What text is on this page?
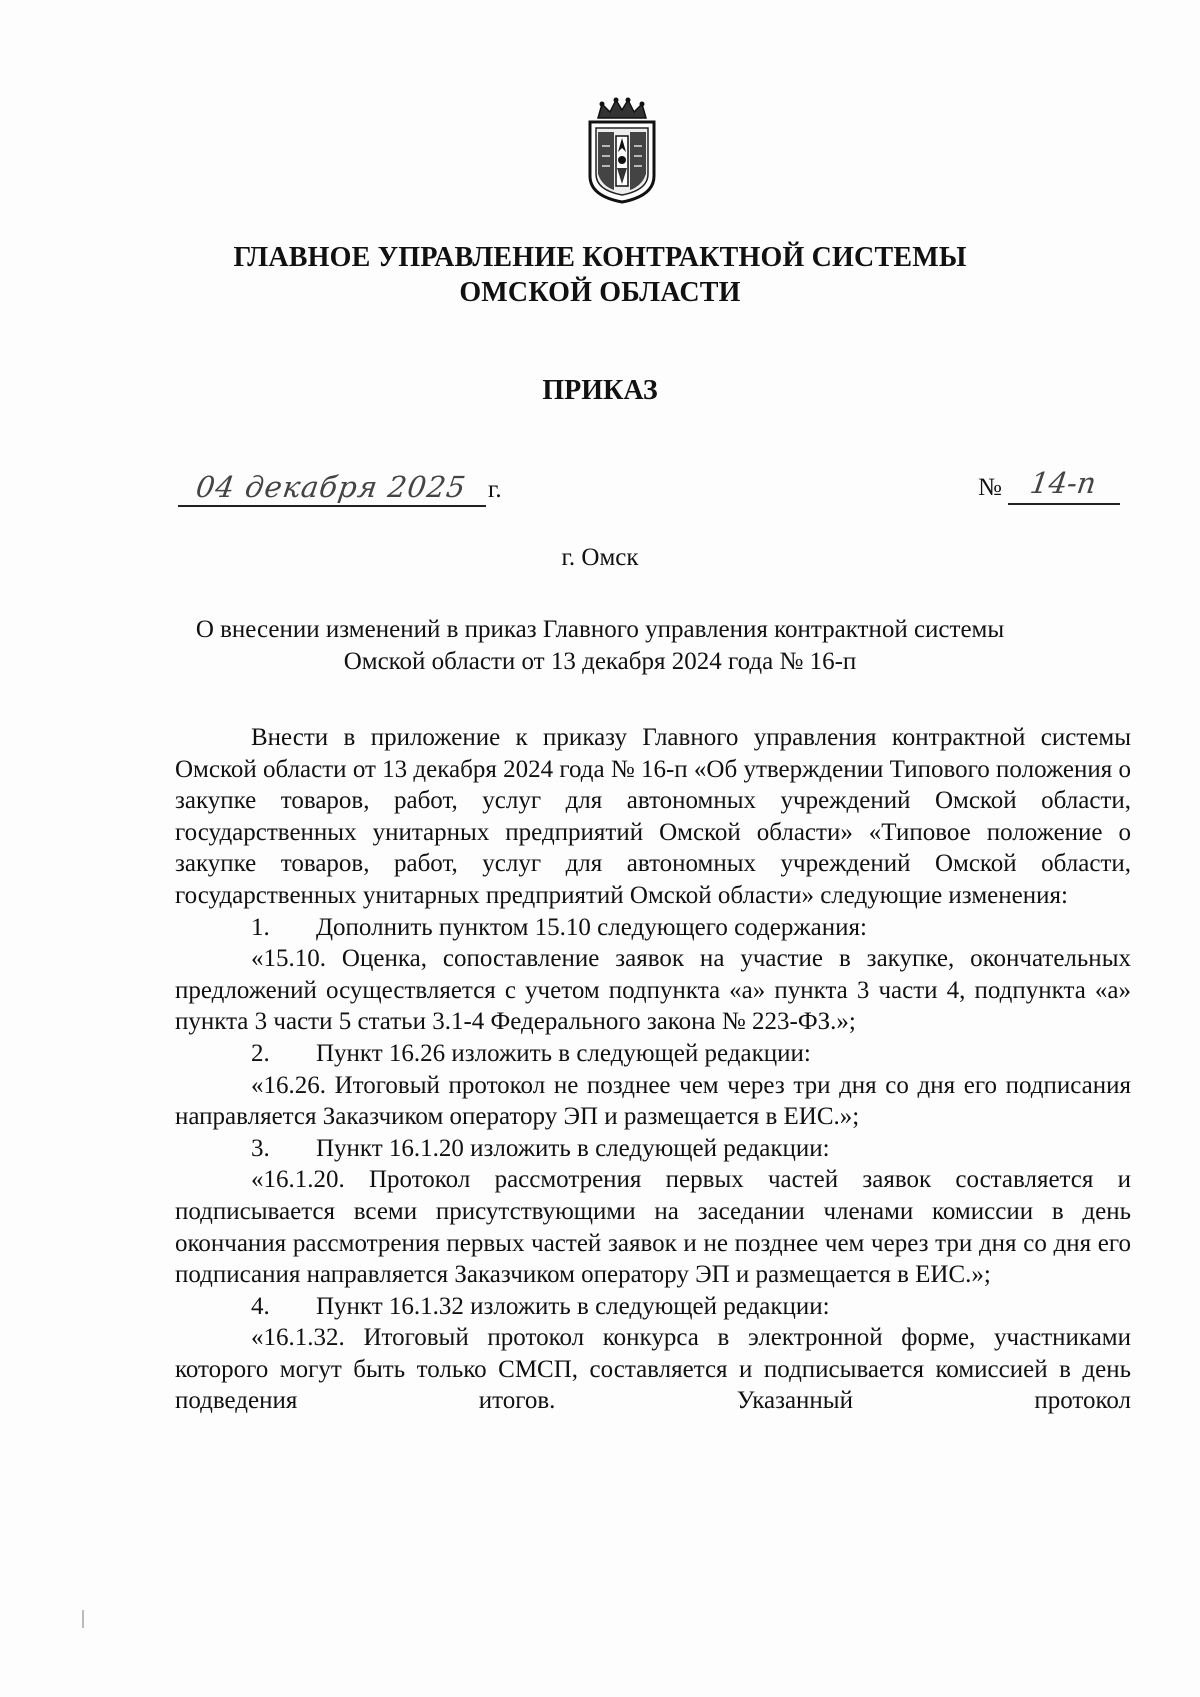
ГЛАВНОЕ УПРАВЛЕНИЕ КОНТРАКТНОЙ СИСТЕМЫ
ОМСКОЙ ОБЛАСТИ
ПРИКАЗ
04 декабря 2025 г.	№ 14-п
г. Омск
О внесении изменений в приказ Главного управления контрактной системы
Омской области от 13 декабря 2024 года № 16-п

Внести в приложение к приказу Главного управления контрактной системы Омской области от 13 декабря 2024 года № 16-п «Об утверждении Типового положения о закупке товаров, работ, услуг для автономных учреждений Омской области, государственных унитарных предприятий Омской области» «Типовое положение о закупке товаров, работ, услуг для автономных учреждений Омской области, государственных унитарных предприятий Омской области» следующие изменения:

1. Дополнить пунктом 15.10 следующего содержания:

«15.10. Оценка, сопоставление заявок на участие в закупке, окончательных предложений осуществляется с учетом подпункта «а» пункта 3 части 4, подпункта «а» пункта 3 части 5 статьи 3.1-4 Федерального закона № 223-ФЗ.»;

2. Пункт 16.26 изложить в следующей редакции:

«16.26. Итоговый протокол не позднее чем через три дня со дня его подписания направляется Заказчиком оператору ЭП и размещается в ЕИС.»;

3. Пункт 16.1.20 изложить в следующей редакции:

«16.1.20. Протокол рассмотрения первых частей заявок составляется и подписывается всеми присутствующими на заседании членами комиссии в день окончания рассмотрения первых частей заявок и не позднее чем через три дня со дня его подписания направляется Заказчиком оператору ЭП и размещается в ЕИС.»;

4. Пункт 16.1.32 изложить в следующей редакции:

«16.1.32. Итоговый протокол конкурса в электронной форме, участниками которого могут быть только СМСП, составляется и подписывается комиссией в день подведения итогов. Указанный протокол
